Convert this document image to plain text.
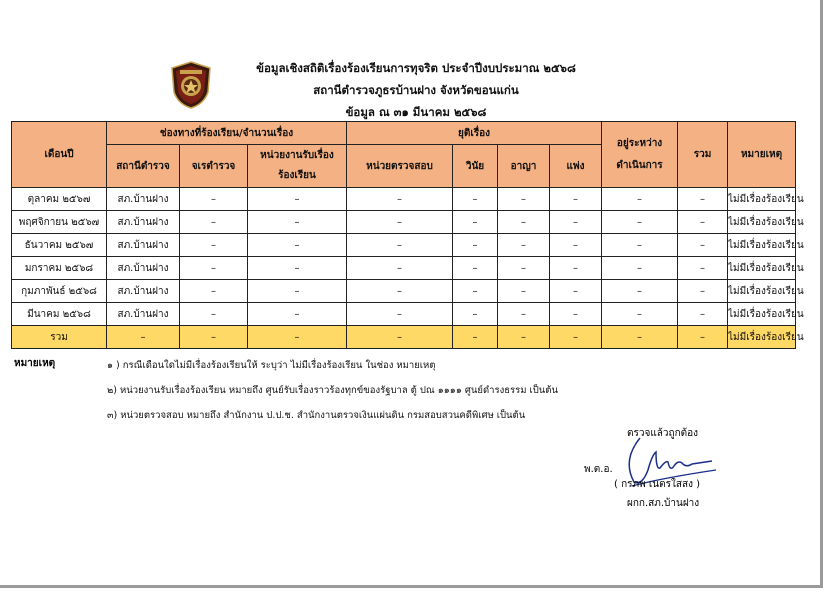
ข้อมูลเชิงสถิติเรื่องร้องเรียนการทุจริต ประจำปีงบประมาณ ๒๕๖๘
สถานีตำรวจภูธรบ้านฝาง จังหวัดขอนแก่น
ข้อมูล ณ ๓๑ มีนาคม ๒๕๖๘
เดือนปี	ช่องทางที่ร้องเรียน/จำนวนเรื่อง			ยุติเรื่อง				อยู่ระหว่าง
ดำเนินการ	รวม	หมายเหตุ
	สถานีตำรวจ	จเรตำรวจ	หน่วยงานรับเรื่อง
ร้องเรียน	หน่วยตรวจสอบ	วินัย	อาญา	แพ่ง			
ตุลาคม ๒๕๖๗	สภ.บ้านฝาง	–	–	–	–	–	–	–	–	ไม่มีเรื่องร้องเรียน
พฤศจิกายน ๒๕๖๗	สภ.บ้านฝาง	–	–	–	–	–	–	–	–	ไม่มีเรื่องร้องเรียน
ธันวาคม ๒๕๖๗	สภ.บ้านฝาง	–	–	–	–	–	–	–	–	ไม่มีเรื่องร้องเรียน
มกราคม ๒๕๖๘	สภ.บ้านฝาง	–	–	–	–	–	–	–	–	ไม่มีเรื่องร้องเรียน
กุมภาพันธ์ ๒๕๖๘	สภ.บ้านฝาง	–	–	–	–	–	–	–	–	ไม่มีเรื่องร้องเรียน
มีนาคม ๒๕๖๘	สภ.บ้านฝาง	–	–	–	–	–	–	–	–	ไม่มีเรื่องร้องเรียน
รวม	–	–	–	–	–	–	–	–	–	ไม่มีเรื่องร้องเรียน
หมายเหตุ	๑ ) กรณีเดือนใดไม่มีเรื่องร้องเรียนให้ ระบุว่า ไม่มีเรื่องร้องเรียน ในช่อง หมายเหตุ
๒) หน่วยงานรับเรื่องร้องเรียน หมายถึง ศูนย์รับเรื่องราวร้องทุกข์ของรัฐบาล ตู้ ปณ ๑๑๑๑ ศูนย์ดำรงธรรม เป็นต้น
๓) หน่วยตรวจสอบ หมายถึง สำนักงาน ป.ป.ช. สำนักงานตรวจเงินแผ่นดิน กรมสอบสวนคดีพิเศษ เป็นต้น
ตรวจแล้วถูกต้อง
พ.ต.อ.
( กรภพ เนตรใสสง )
ผกก.สภ.บ้านฝาง
